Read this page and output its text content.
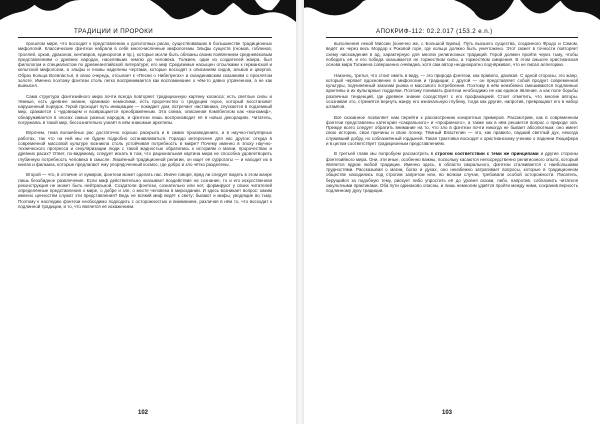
ТРАДИЦИИ И ПРОРОКИ

прошлом мире, что восходит к представлению о допотопных расах, существовавших в большинстве традиционных мифологий. Классические фэнтези набрали в себя многочисленные мифологемы Эльфы существ (гномов, гоблинов, троллей, орков, драконов, кентавров, единорогов и пр.), которые могли быть обязаны своим появлением средневековым представлениям о древних народах, населявших землю до человека. Толкиен, один из создателей жанра, был филологом и специалистом по древнеанглийской литературе; его мир Средиземья насыщен отсылками к германской и кельтской мифологии, а эльфы и гномы наделены чертами, которые восходят к описаниям сидов, альвов и цвергов. Образ Кольца Всевластья, в свою очередь, отсылает к «Песни о Нибелунгах» и скандинавским сказаниям о проклятом золоте. Именно поэтому фэнтези столь легко воспринимается как воспоминание о чём-то давно утраченном, а не как вымысел.

Сама структура фэнтезийного мира почти всегда повторяет традиционную картину космоса: есть светлые силы и тёмные, есть древнее знание, хранимое немногими, есть пророчество о грядущем герое, который восстановит нарушенный порядок. Герой проходит путь инициации — покидает дом, встречает наставника, спускается в подземный мир, сражается с чудовищем и возвращается преображённым. Эта схема, описанная Кэмпбеллом как «мономиф», обнаруживается в эпосах самых разных народов, и фэнтези лишь воспроизводит её в новых декорациях. Читатель, погружаясь в такой мир, бессознательно узнаёт в нём знакомые архетипы.

Впрочем, тема волшебных рас достаточно хорошо раскрыта и в самих произведениях, и в научно-популярных работах, так что на ней мы не будем подробно останавливаться. Гораздо интереснее для нас другое: откуда в современной массовой культуре возникла столь устойчивая потребность в мифе? Почему именно в эпоху научно-технического прогресса и секуляризации люди с такой жадностью обратились к историям о магии, пророчествах и древних расах? Ответ, по-видимому, следует искать в том, что рациональная картина мира не способна удовлетворить глубинную потребность человека в смысле. Лишённый традиционной религии, он ищет её суррогаты — и находит их в книгах и фильмах, которые предлагают ему упорядоченный космос, где добро и зло чётко разделены.

Второй — что, в отличие от кумиров, фэнтези может сделать нас. Иначе говоря, вряд ли следует видеть в этом жанре лишь безобидное развлечение. Если миф действительно оказывает воздействие на сознание, то и его искусственная реконструкция не может быть нейтральной. Создатели фэнтези, сознательно или нет, формируют у своих читателей определённые представления о мире, о добре и зле, о месте человека в мироздании. И здесь возникает вопрос: каким именно ценностям служат эти представления? Ведь не всякий миф ведёт к свету; бывают и мифы, уводящие во тьму. Поэтому к наследию фэнтези необходимо подходить с осторожностью и вниманием, различая в нём то, что восходит к подлинной традиции, и то, что является её искажением.

102
АПОКРИФ-112: 02.2.017 (153.2 e.n.)

выполнения некой Миссии (конечно же, с Большой Буквы). Путь высшего существа, созданного Фродо и Сэмом, ведёт их через весь Мордор к Роковой горе, где кольцо должно быть уничтожено. Этот сюжет в точности повторяет схему нисхождения в ад, характерную для многих религиозных традиций. Герой должен пройти через тьму, чтобы победить её, и его победа оказывается не торжеством силы, а торжеством смирения. В этом смысле христианская основа мира Толкиена совершенно очевидна, хотя сам автор неоднократно подчёркивал, что не писал аллегорию.

Наконец, третья, что стоит иметь в виду, — это природа фэнтези, как правило, двоякая. С одной стороны, это жанр, который черпает вдохновение в мифологии и традиции; с другой — он представляет собой продукт современной культуры, подчинённый законам рынка и массового потребления. Поэтому в нём неизбежно смешиваются подлинные архетипы и их вульгарные подделки. Поэтому понимать фэнтези необходимо не как единое явление, а как поле борьбы различных тенденций, где древнее знание соседствует с его профанацией. Стоит отметить, что многие авторы, осознавая это, стремятся вернуть жанру его изначальную глубину, тогда как другие, напротив, превращают его в набор штампов.

Всё сказанное позволяет нам перейти к рассмотрению конкретных примеров. Рассмотрим, как в современном фэнтези представлены категории «сакрального» и «профанного», а также как в нём решается вопрос о природе зла. Прежде всего следует обратить внимание на то, что зло в фэнтези почти никогда не бывает абсолютным: оно имеет свою историю, свои причины и свою логику. Тёмный Властелин — это, как правило, падший светлый дух, некогда служивший добру, но соблазнённый гордыней. Такая трактовка восходит к христианскому учению о падении Люцифера и в целом соответствует традиционным представлениям.

В третьей главе мы попробуем рассмотреть в строгом соответствии с теми же принципами и другие стороны фэнтезийного мира. Они, эти иные, особенно важны, поскольку касаются непосредственно религиозного опыта, который является ядром любой традиции. Именно здесь, в области сакрального, фэнтези сталкивается с наибольшими трудностями. Рассказывая о магии, богах и духах, оно неизбежно затрагивает вопросы, которые в традиционном обществе находились под строгим запретом или, во всяком случае, требовали особой осторожности. Писатель, берущийся за подобную тему, рискует либо упростить её до уровня сказки, либо, напротив, соблазнить читателя оккультными практиками. Оба пути одинаково опасны, и лишь немногим удаётся пройти между ними, сохранив верность подлинному духу традиции.

103
